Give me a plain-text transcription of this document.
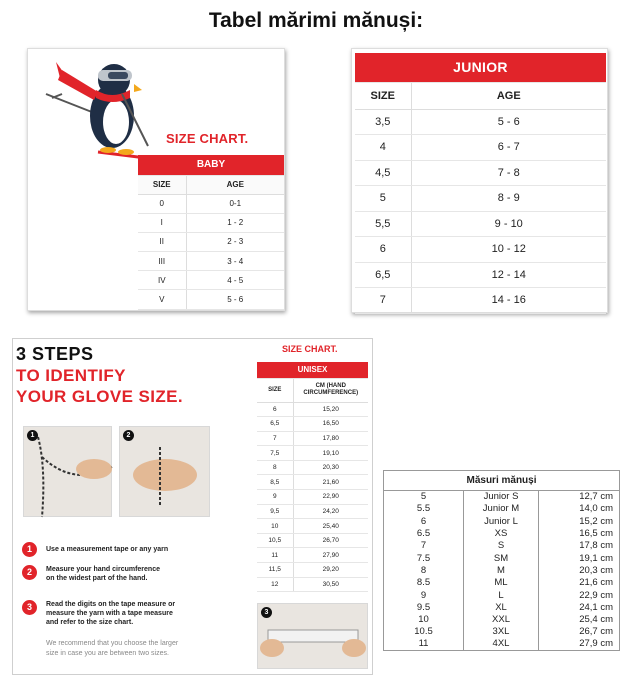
Tabel mărimi mănuși:
SIZE CHART.
BABY	
SIZE	AGE
0	0-1
I	1 - 2
II	2 - 3
III	3 - 4
IV	4 - 5
V	5 - 6
JUNIOR	
SIZE	AGE
3,5	5 - 6
4	6 - 7
4,5	7 - 8
5	8 - 9
5,5	9 - 10
6	10 - 12
6,5	12 - 14
7	14 - 16
3 STEPS
TO IDENTIFY
YOUR GLOVE SIZE.
1	2
1	Use a measurement tape or any yarn
2	Measure your hand circumference
on the widest part of the hand.
3	Read the digits on the tape measure or
measure the yarn with a tape measure
and refer to the size chart.
We recommend that you choose the larger
size in case you are between two sizes.
SIZE CHART.
UNISEX	
SIZE	CM (HAND
CIRCUMFERENCE)
6	15,20
6,5	16,50
7	17,80
7,5	19,10
8	20,30
8,5	21,60
9	22,90
9,5	24,20
10	25,40
10,5	26,70
11	27,90
11,5	29,20
12	30,50
3
Măsuri mănuși		
5	Junior S	12,7 cm
5.5	Junior M	14,0 cm
6	Junior L	15,2 cm
6.5	XS	16,5 cm
7	S	17,8 cm
7.5	SM	19,1 cm
8	M	20,3 cm
8.5	ML	21,6 cm
9	L	22,9 cm
9.5	XL	24,1 cm
10	XXL	25,4 cm
10.5	3XL	26,7 cm
11	4XL	27,9 cm
